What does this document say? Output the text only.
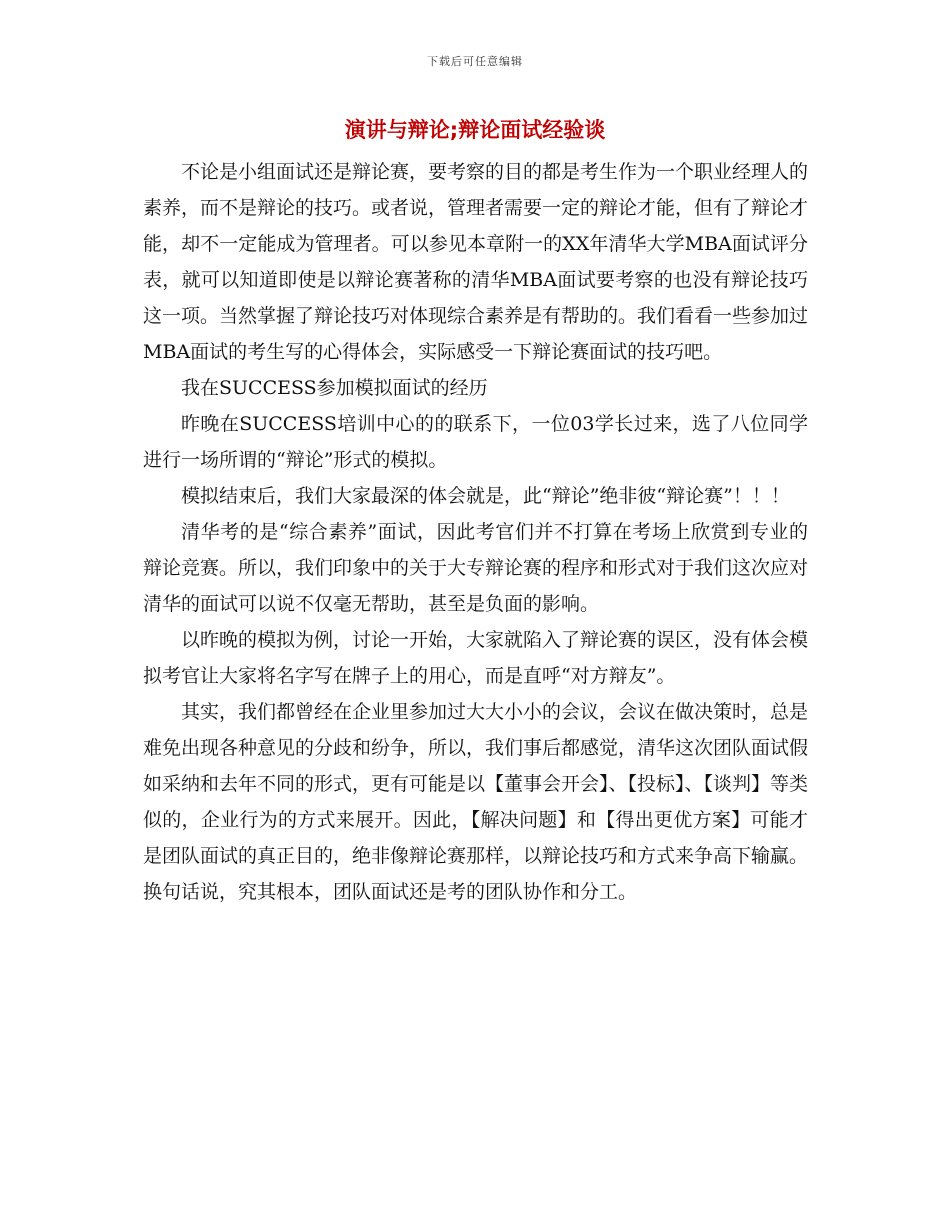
下载后可任意编辑
演讲与辩论;辩论面试经验谈

不论是小组面试还是辩论赛，要考察的目的都是考生作为一个职业经理人的素养，而不是辩论的技巧。或者说，管理者需要一定的辩论才能，但有了辩论才能，却不一定能成为管理者。可以参见本章附一的XX年清华大学MBA面试评分表，就可以知道即使是以辩论赛著称的清华MBA面试要考察的也没有辩论技巧这一项。当然掌握了辩论技巧对体现综合素养是有帮助的。我们看看一些参加过MBA面试的考生写的心得体会，实际感受一下辩论赛面试的技巧吧。

我在SUCCESS参加模拟面试的经历

昨晚在SUCCESS培训中心的的联系下，一位03学长过来，选了八位同学进行一场所谓的“辩论”形式的模拟。

模拟结束后，我们大家最深的体会就是，此“辩论”绝非彼“辩论赛”！！！

清华考的是“综合素养”面试，因此考官们并不打算在考场上欣赏到专业的辩论竞赛。所以，我们印象中的关于大专辩论赛的程序和形式对于我们这次应对清华的面试可以说不仅毫无帮助，甚至是负面的影响。

以昨晚的模拟为例，讨论一开始，大家就陷入了辩论赛的误区，没有体会模拟考官让大家将名字写在牌子上的用心，而是直呼“对方辩友”。

其实，我们都曾经在企业里参加过大大小小的会议，会议在做决策时，总是难免出现各种意见的分歧和纷争，所以，我们事后都感觉，清华这次团队面试假如采纳和去年不同的形式，更有可能是以【董事会开会】、【投标】、【谈判】等类似的，企业行为的方式来展开。因此，【解决问题】和【得出更优方案】可能才是团队面试的真正目的，绝非像辩论赛那样，以辩论技巧和方式来争高下输赢。换句话说，究其根本，团队面试还是考的团队协作和分工。
